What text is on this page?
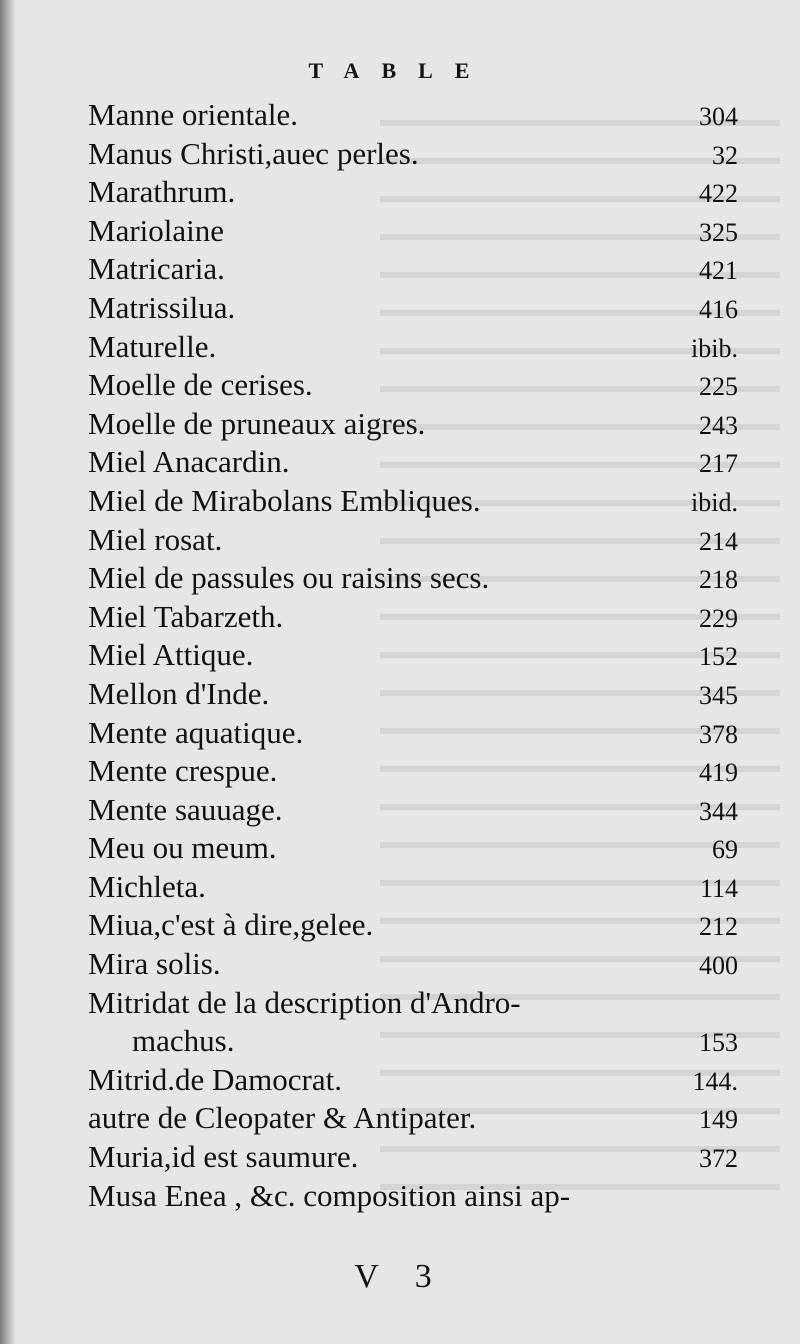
TABLE
Manne orientale.	304
Manus Christi,auec perles.	32
Marathrum.	422
Mariolaine	325
Matricaria.	421
Matrissilua.	416
Maturelle.	ibib.
Moelle de cerises.	225
Moelle de pruneaux aigres.	243
Miel Anacardin.	217
Miel de Mirabolans Embliques.	ibid.
Miel rosat.	214
Miel de passules ou raisins secs.	218
Miel Tabarzeth.	229
Miel Attique.	152
Mellon d'Inde.	345
Mente aquatique.	378
Mente crespue.	419
Mente sauuage.	344
Meu ou meum.	69
Michleta.	114
Miua,c'est à dire,gelee.	212
Mira solis.	400
Mitridat de la description d'Andro-
machus.	153
Mitrid.de Damocrat.	144.
autre de Cleopater & Antipater.	149
Muria,id est saumure.	372
Musa Enea , &c. composition ainsi ap-
V 3
